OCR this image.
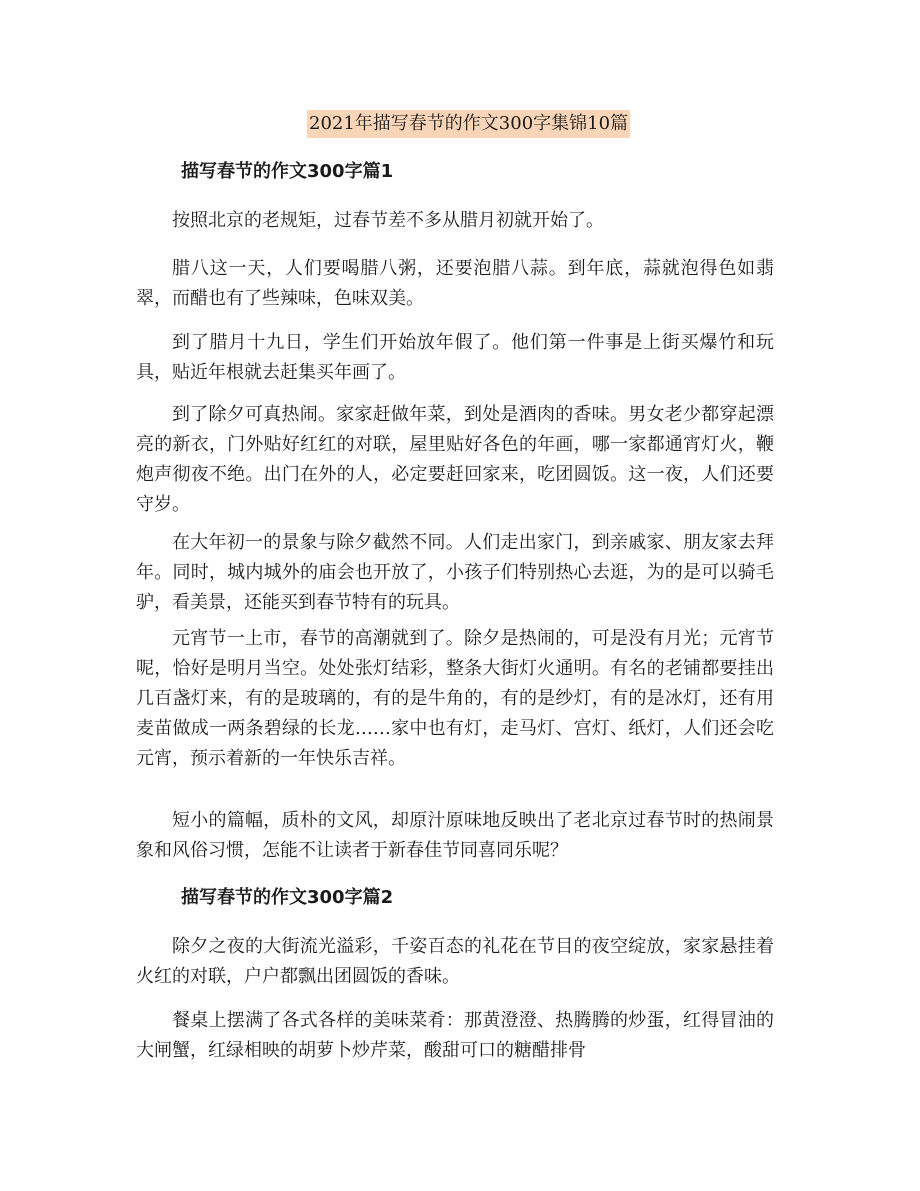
2021年描写春节的作文300字集锦10篇
描写春节的作文300字篇1

按照北京的老规矩，过春节差不多从腊月初就开始了。

腊八这一天，人们要喝腊八粥，还要泡腊八蒜。到年底，蒜就泡得色如翡翠，而醋也有了些辣味，色味双美。

到了腊月十九日，学生们开始放年假了。他们第一件事是上街买爆竹和玩具，贴近年根就去赶集买年画了。

到了除夕可真热闹。家家赶做年菜，到处是酒肉的香味。男女老少都穿起漂亮的新衣，门外贴好红红的对联，屋里贴好各色的年画，哪一家都通宵灯火，鞭炮声彻夜不绝。出门在外的人，必定要赶回家来，吃团圆饭。这一夜，人们还要守岁。

在大年初一的景象与除夕截然不同。人们走出家门，到亲戚家、朋友家去拜年。同时，城内城外的庙会也开放了，小孩子们特别热心去逛，为的是可以骑毛驴，看美景，还能买到春节特有的玩具。

元宵节一上市，春节的高潮就到了。除夕是热闹的，可是没有月光；元宵节呢，恰好是明月当空。处处张灯结彩，整条大街灯火通明。有名的老铺都要挂出几百盏灯来，有的是玻璃的，有的是牛角的，有的是纱灯，有的是冰灯，还有用麦苗做成一两条碧绿的长龙……家中也有灯，走马灯、宫灯、纸灯，人们还会吃元宵，预示着新的一年快乐吉祥。

短小的篇幅，质朴的文风，却原汁原味地反映出了老北京过春节时的热闹景象和风俗习惯，怎能不让读者于新春佳节同喜同乐呢？

描写春节的作文300字篇2

除夕之夜的大街流光溢彩，千姿百态的礼花在节目的夜空绽放，家家悬挂着火红的对联，户户都飘出团圆饭的香味。

餐桌上摆满了各式各样的美味菜肴：那黄澄澄、热腾腾的炒蛋，红得冒油的大闸蟹，红绿相映的胡萝卜炒芹菜，酸甜可口的糖醋排骨
